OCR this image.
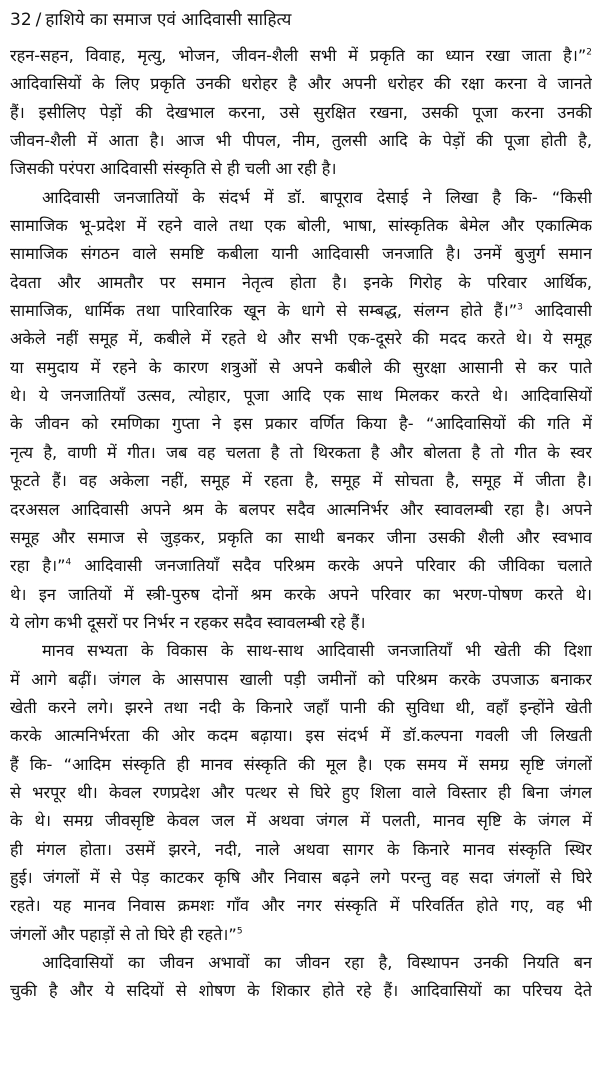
32 / हाशिये का समाज एवं आदिवासी साहित्य
रहन-सहन, विवाह, मृत्यु, भोजन, जीवन-शैली सभी में प्रकृति का ध्यान रखा जाता है।”$^2$
आदिवासियों के लिए प्रकृति उनकी धरोहर है और अपनी धरोहर की रक्षा करना वे जानते
हैं। इसीलिए पेड़ों की देखभाल करना, उसे सुरक्षित रखना, उसकी पूजा करना उनकी
जीवन-शैली में आता है। आज भी पीपल, नीम, तुलसी आदि के पेड़ों की पूजा होती है,
जिसकी परंपरा आदिवासी संस्कृति से ही चली आ रही है।
आदिवासी जनजातियों के संदर्भ में डॉ. बापूराव देसाई ने लिखा है कि- “किसी
सामाजिक भू-प्रदेश में रहने वाले तथा एक बोली, भाषा, सांस्कृतिक बेमेल और एकात्मिक
सामाजिक संगठन वाले समष्टि कबीला यानी आदिवासी जनजाति है। उनमें बुजुर्ग समान
देवता और आमतौर पर समान नेतृत्व होता है। इनके गिरोह के परिवार आर्थिक,
सामाजिक, धार्मिक तथा पारिवारिक खून के धागे से सम्बद्ध, संलग्न होते हैं।”$^3$ आदिवासी
अकेले नहीं समूह में, कबीले में रहते थे और सभी एक-दूसरे की मदद करते थे। ये समूह
या समुदाय में रहने के कारण शत्रुओं से अपने कबीले की सुरक्षा आसानी से कर पाते
थे। ये जनजातियाँ उत्सव, त्योहार, पूजा आदि एक साथ मिलकर करते थे। आदिवासियों
के जीवन को रमणिका गुप्ता ने इस प्रकार वर्णित किया है- “आदिवासियों की गति में
नृत्य है, वाणी में गीत। जब वह चलता है तो थिरकता है और बोलता है तो गीत के स्वर
फूटते हैं। वह अकेला नहीं, समूह में रहता है, समूह में सोचता है, समूह में जीता है।
दरअसल आदिवासी अपने श्रम के बलपर सदैव आत्मनिर्भर और स्वावलम्बी रहा है। अपने
समूह और समाज से जुड़कर, प्रकृति का साथी बनकर जीना उसकी शैली और स्वभाव
रहा है।”$^4$ आदिवासी जनजातियाँ सदैव परिश्रम करके अपने परिवार की जीविका चलाते
थे। इन जातियों में स्त्री-पुरुष दोनों श्रम करके अपने परिवार का भरण-पोषण करते थे।
ये लोग कभी दूसरों पर निर्भर न रहकर सदैव स्वावलम्बी रहे हैं।
मानव सभ्यता के विकास के साथ-साथ आदिवासी जनजातियाँ भी खेती की दिशा
में आगे बढ़ीं। जंगल के आसपास खाली पड़ी जमीनों को परिश्रम करके उपजाऊ बनाकर
खेती करने लगे। झरने तथा नदी के किनारे जहाँ पानी की सुविधा थी, वहाँ इन्होंने खेती
करके आत्मनिर्भरता की ओर कदम बढ़ाया। इस संदर्भ में डॉ.कल्पना गवली जी लिखती
हैं कि- “आदिम संस्कृति ही मानव संस्कृति की मूल है। एक समय में समग्र सृष्टि जंगलों
से भरपूर थी। केवल रणप्रदेश और पत्थर से घिरे हुए शिला वाले विस्तार ही बिना जंगल
के थे। समग्र जीवसृष्टि केवल जल में अथवा जंगल में पलती, मानव सृष्टि के जंगल में
ही मंगल होता। उसमें झरने, नदी, नाले अथवा सागर के किनारे मानव संस्कृति स्थिर
हुई। जंगलों में से पेड़ काटकर कृषि और निवास बढ़ने लगे परन्तु वह सदा जंगलों से घिरे
रहते। यह मानव निवास क्रमशः गाँव और नगर संस्कृति में परिवर्तित होते गए, वह भी
जंगलों और पहाड़ों से तो घिरे ही रहते।”$^5$
आदिवासियों का जीवन अभावों का जीवन रहा है, विस्थापन उनकी नियति बन
चुकी है और ये सदियों से शोषण के शिकार होते रहे हैं। आदिवासियों का परिचय देते
